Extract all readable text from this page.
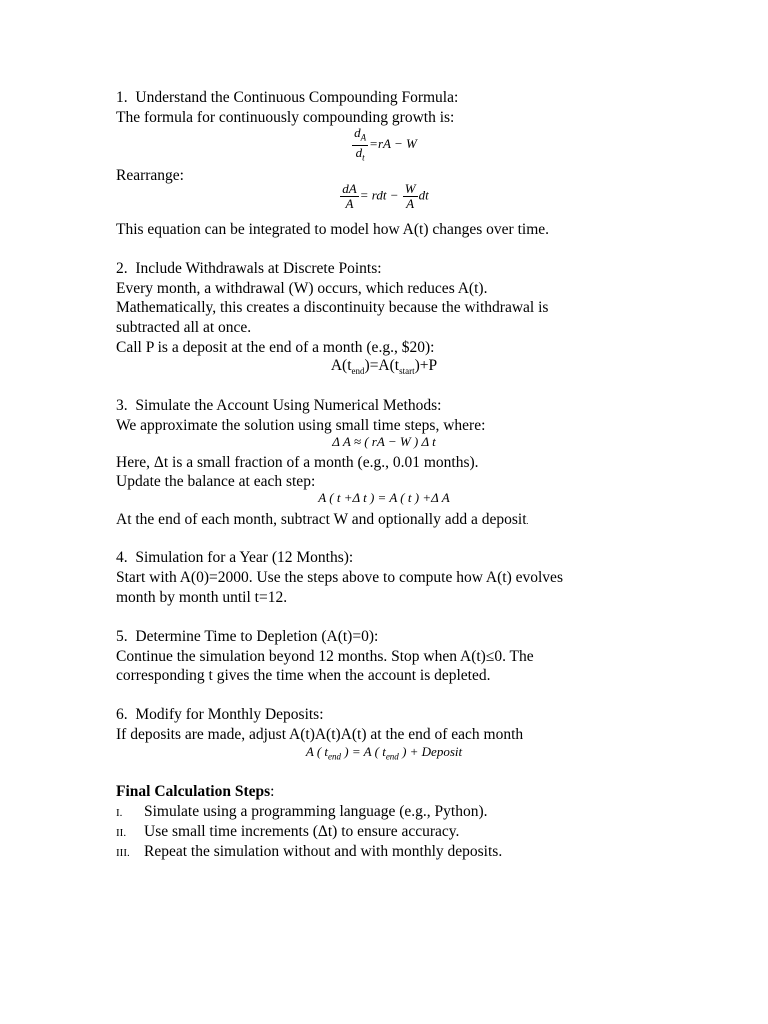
1.  Understand the Continuous Compounding Formula:
The formula for continuously compounding growth is:
$\frac{d_A}{d_t} =rA - W$
Rearrange:
$\frac{dA}{A}$ = rdt − $\frac{W}{A}$ dt
This equation can be integrated to model how A(t) changes over time.
2.  Include Withdrawals at Discrete Points:
Every month, a withdrawal (W) occurs, which reduces A(t).
Mathematically, this creates a discontinuity because the withdrawal is
subtracted all at once.
Call P is a deposit at the end of a month (e.g., $20):
$A(t_{end})=A(t_{start})+P$
3.  Simulate the Account Using Numerical Methods:
We approximate the solution using small time steps, where:
Δ A ≈ ( rA − W ) Δ t
Here, Δt is a small fraction of a month (e.g., 0.01 months).
Update the balance at each step:
A ( t +Δ t ) = A ( t ) +Δ A
At the end of each month, subtract W and optionally add a deposit.
4.  Simulation for a Year (12 Months):
Start with A(0)=2000. Use the steps above to compute how A(t) evolves
month by month until t=12.
5.  Determine Time to Depletion (A(t)=0):
Continue the simulation beyond 12 months. Stop when A(t)≤0. The
corresponding t gives the time when the account is depleted.
6.  Modify for Monthly Deposits:
If deposits are made, adjust A(t)A(t)A(t) at the end of each month
A ( $t_{end}$ ) = A ( $t_{end}$ ) + Deposit
Final Calculation Steps:
I. Simulate using a programming language (e.g., Python).
II. Use small time increments (Δt) to ensure accuracy.
III. Repeat the simulation without and with monthly deposits.
